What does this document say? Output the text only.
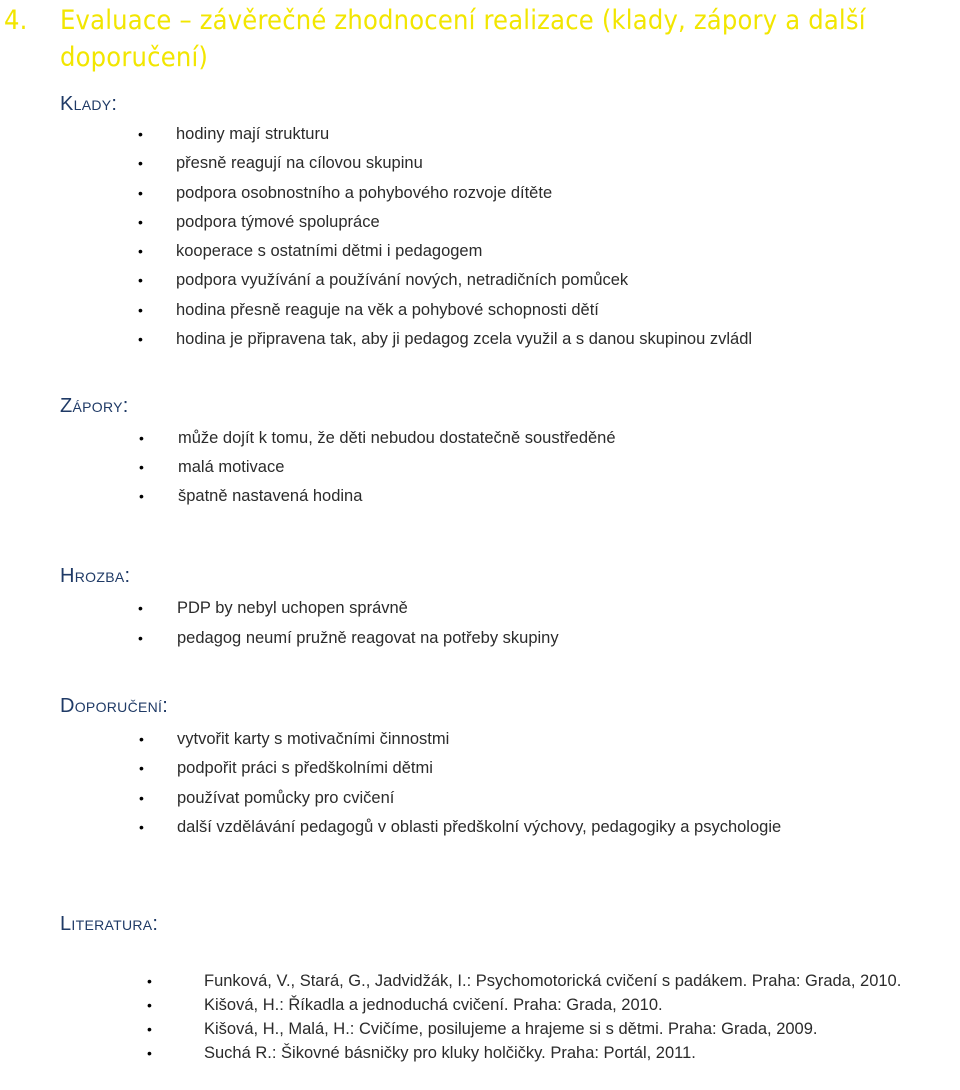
4. Evaluace – závěrečné zhodnocení realizace (klady, zápory a další
doporučení)
Klady:
•	hodiny mají strukturu
•	přesně reagují na cílovou skupinu
•	podpora osobnostního a pohybového rozvoje dítěte
•	podpora týmové spolupráce
•	kooperace s ostatními dětmi i pedagogem
•	podpora využívání a používání nových, netradičních pomůcek
•	hodina přesně reaguje na věk a pohybové schopnosti dětí
•	hodina je připravena tak, aby ji pedagog zcela využil a s danou skupinou zvládl
Zápory:
•	může dojít k tomu, že děti nebudou dostatečně soustředěné
•	malá motivace
•	špatně nastavená hodina
Hrozba:
•	PDP by nebyl uchopen správně
•	pedagog neumí pružně reagovat na potřeby skupiny
Doporučení:
•	vytvořit karty s motivačními činnostmi
•	podpořit práci s předškolními dětmi
•	používat pomůcky pro cvičení
•	další vzdělávání pedagogů v oblasti předškolní výchovy, pedagogiky a psychologie
Literatura:
•	Funková, V., Stará, G., Jadvidžák, I.: Psychomotorická cvičení s padákem. Praha: Grada, 2010.
•	Kišová, H.: Říkadla a jednoduchá cvičení. Praha: Grada, 2010.
•	Kišová, H., Malá, H.: Cvičíme, posilujeme a hrajeme si s dětmi. Praha: Grada, 2009.
•	Suchá R.: Šikovné básničky pro kluky holčičky. Praha: Portál, 2011.
